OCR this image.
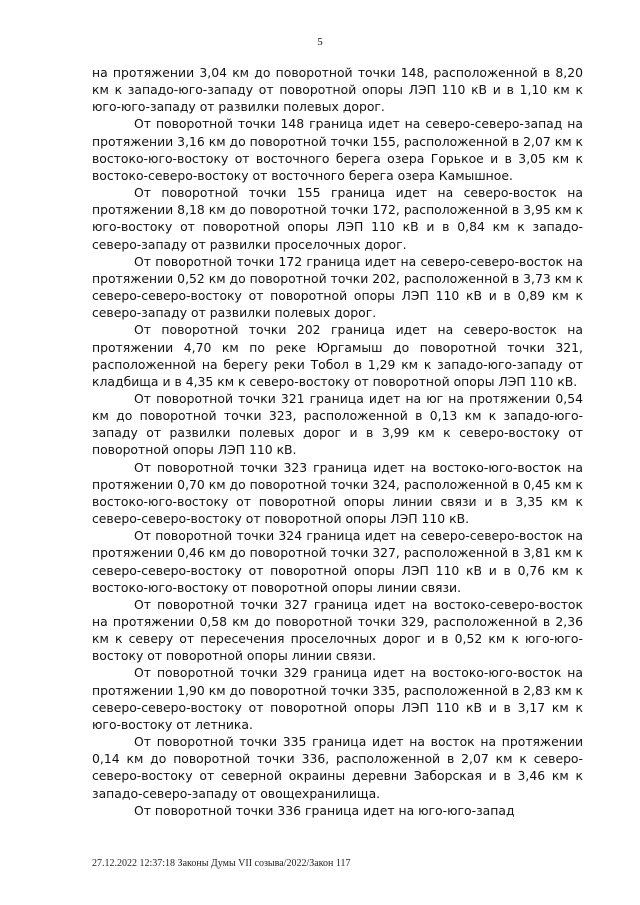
5

на протяжении 3,04 км до поворотной точки 148, расположенной в 8,20 км к западо-юго-западу от поворотной опоры ЛЭП 110 кВ и в 1,10 км к юго-юго-западу от развилки полевых дорог.

От поворотной точки 148 граница идет на северо-северо-запад на протяжении 3,16 км до поворотной точки 155, расположенной в 2,07 км к востоко-юго-востоку от восточного берега озера Горькое и в 3,05 км к востоко-северо-востоку от восточного берега озера Камышное.

От поворотной точки 155 граница идет на северо-восток на протяжении 8,18 км до поворотной точки 172, расположенной в 3,95 км к юго-востоку от поворотной опоры ЛЭП 110 кВ и в 0,84 км к западо-северо-западу от развилки проселочных дорог.

От поворотной точки 172 граница идет на северо-северо-восток на протяжении 0,52 км до поворотной точки 202, расположенной в 3,73 км к северо-северо-востоку от поворотной опоры ЛЭП 110 кВ и в 0,89 км к северо-западу от развилки полевых дорог.

От поворотной точки 202 граница идет на северо-восток на протяжении 4,70 км по реке Юргамыш до поворотной точки 321, расположенной на берегу реки Тобол в 1,29 км к западо-юго-западу от кладбища и в 4,35 км к северо-востоку от поворотной опоры ЛЭП 110 кВ.

От поворотной точки 321 граница идет на юг на протяжении 0,54 км до поворотной точки 323, расположенной в 0,13 км к западо-юго-западу от развилки полевых дорог и в 3,99 км к северо-востоку от поворотной опоры ЛЭП 110 кВ.

От поворотной точки 323 граница идет на востоко-юго-восток на протяжении 0,70 км до поворотной точки 324, расположенной в 0,45 км к востоко-юго-востоку от поворотной опоры линии связи и в 3,35 км к северо-северо-востоку от поворотной опоры ЛЭП 110 кВ.

От поворотной точки 324 граница идет на северо-северо-восток на протяжении 0,46 км до поворотной точки 327, расположенной в 3,81 км к северо-северо-востоку от поворотной опоры ЛЭП 110 кВ и в 0,76 км к востоко-юго-востоку от поворотной опоры линии связи.

От поворотной точки 327 граница идет на востоко-северо-восток на протяжении 0,58 км до поворотной точки 329, расположенной в 2,36 км к северу от пересечения проселочных дорог и в 0,52 км к юго-юго-востоку от поворотной опоры линии связи.

От поворотной точки 329 граница идет на востоко-юго-восток на протяжении 1,90 км до поворотной точки 335, расположенной в 2,83 км к северо-северо-востоку от поворотной опоры ЛЭП 110 кВ и в 3,17 км к юго-востоку от летника.

От поворотной точки 335 граница идет на восток на протяжении 0,14 км до поворотной точки 336, расположенной в 2,07 км к северо-северо-востоку от северной окраины деревни Заборская и в 3,46 км к западо-северо-западу от овощехранилища.

От поворотной точки 336 граница идет на юго-юго-запад

27.12.2022 12:37:18 Законы Думы VII созыва/2022/Закон 117
